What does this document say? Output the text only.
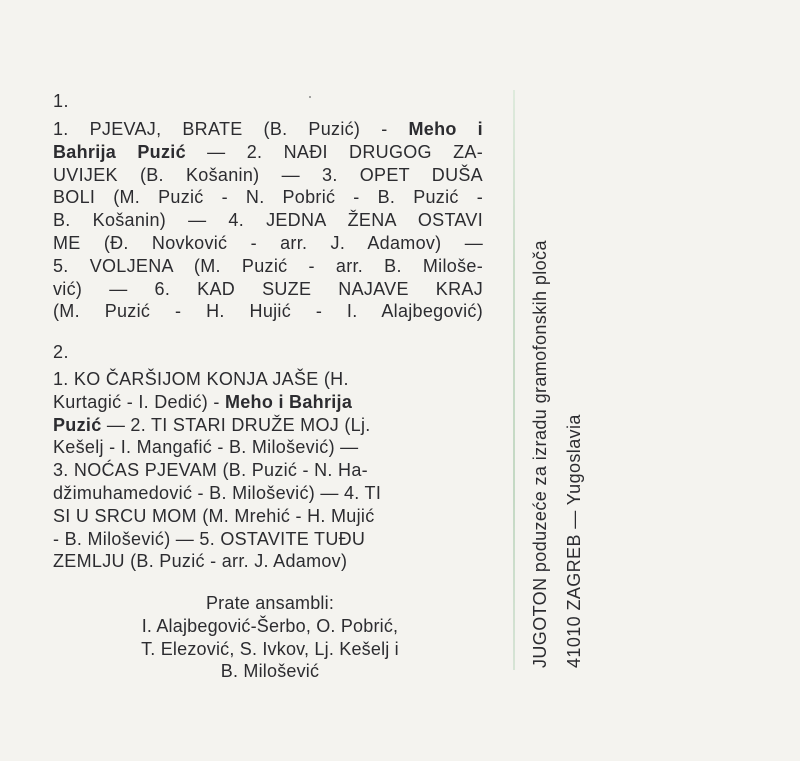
1.
1. PJEVAJ, BRATE (B. Puzić) - Meho i
Bahrija Puzić — 2. NAĐI DRUGOG ZA-
UVIJEK (B. Košanin) — 3. OPET DUŠA
BOLI (M. Puzić - N. Pobrić - B. Puzić -
B. Košanin) — 4. JEDNA ŽENA OSTAVI
ME (Đ. Novković - arr. J. Adamov) —
5. VOLJENA (M. Puzić - arr. B. Miloše-
vić) — 6. KAD SUZE NAJAVE KRAJ
(M. Puzić - H. Hujić - I. Alajbegović)
2.
1. KO ČARŠIJOM KONJA JAŠE (H.
Kurtagić - I. Dedić) - Meho i Bahrija
Puzić — 2. TI STARI DRUŽE MOJ (Lj.
Kešelj - I. Mangafić - B. Milošević) —
3. NOĆAS PJEVAM (B. Puzić - N. Ha-
džimuhamedović - B. Milošević) — 4. TI
SI U SRCU MOM (M. Mrehić - H. Mujić
- B. Milošević) — 5. OSTAVITE TUĐU
ZEMLJU (B. Puzić - arr. J. Adamov)
Prate ansambli:
I. Alajbegović-Šerbo, O. Pobrić,
T. Elezović, S. Ivkov, Lj. Kešelj i
B. Milošević
JUGOTON poduzeće za izradu gramofonskih ploča 41010 ZAGREB — Yugoslavia
